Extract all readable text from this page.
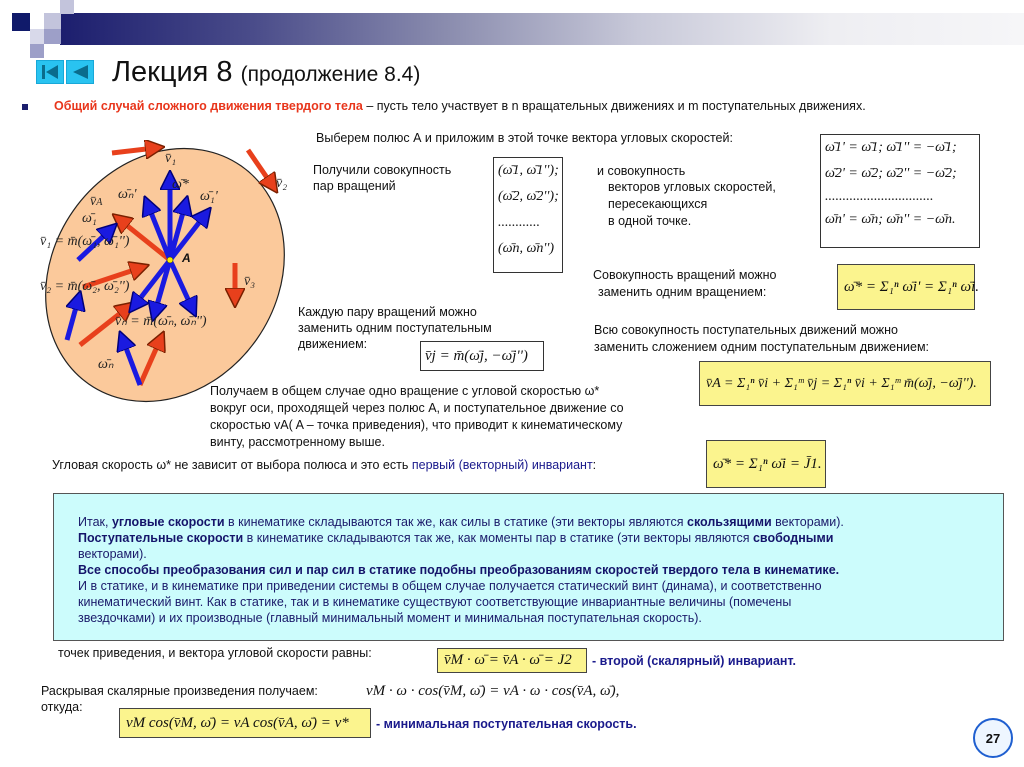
Лекция 8 (продолжение 8.4)
Общий случай сложного движения твердого тела – пусть тело участвует в n вращательных движениях и m поступательных движениях.
v̄₁
v̄₂
v̄₃
v̄A
ω̄*
ω̄ₙ'	ω̄₁'
ω̄₁
v̄₁ = m̄(ω̄₁, ω̄₁'')
v̄₂ = m̄(ω̄₂, ω̄₂'')
v̄ₙ = m̄(ω̄ₙ, ω̄ₙ'')
ω̄ₙ
A
Выберем полюс А и приложим в этой точке вектора угловых скоростей:
Получили совокупность
пар вращений
(ω̄1, ω̄1'');
(ω̄2, ω̄2'');
............
(ω̄n, ω̄n'')
и совокупность
векторов угловых скоростей,
пересекающихся
в одной точке.
ω̄1' = ω̄1; ω̄1'' = −ω̄1;
ω̄2' = ω̄2; ω̄2'' = −ω̄2;
...............................
ω̄n' = ω̄n; ω̄n'' = −ω̄n.
Совокупность вращений можно
заменить одним вращением:	ω̄* = Σ₁ⁿ ω̄i' = Σ₁ⁿ ω̄i.
Каждую пару вращений можно
заменить одним поступательным
движением:
v̄j = m̄(ω̄j, −ω̄j'')
Всю совокупность поступательных движений можно
заменить сложением одним поступательным движением:
v̄A = Σ₁ⁿ v̄i + Σ₁ᵐ v̄j = Σ₁ⁿ v̄i + Σ₁ᵐ m̄(ω̄j, −ω̄j'').
Получаем в общем случае одно вращение с угловой скоростью ω*
вокруг оси, проходящей через полюс A, и поступательное движение со
скоростью vA( A – точка приведения), что приводит к кинематическому
винту, рассмотренному выше.
Угловая скорость ω* не зависит от выбора полюса и это есть первый (векторный) инвариант:	ω̄* = Σ₁ⁿ ω̄i = J̄1.
Итак, угловые скорости в кинематике складываются так же, как силы в статике (эти векторы являются скользящими векторами).
Поступательные скорости в кинематике складываются так же, как моменты пар в статике (эти векторы являются свободными
векторами).
Все способы преобразования сил и пар сил в статике подобны преобразованиям скоростей твердого тела в кинематике.
И в статике, и в кинематике при приведении системы в общем случае получается статический винт (динама), и соответственно
кинематический винт. Как в статике, так и в кинематике существуют соответствующие инвариантные величины (помечены
звездочками) и их производные (главный минимальный момент и минимальная поступательная скорость).
точек приведения, и вектора угловой скорости равны:	v̄M · ω̄ = v̄A · ω̄ = J2	- второй (скалярный) инвариант.
Раскрывая скалярные произведения получаем:
откуда:
vM · ω · cos(v̄M, ω̄) = vA · ω · cos(v̄A, ω̄),
vM cos(v̄M, ω̄) = vA cos(v̄A, ω̄) = v*	- минимальная поступательная скорость.
27
